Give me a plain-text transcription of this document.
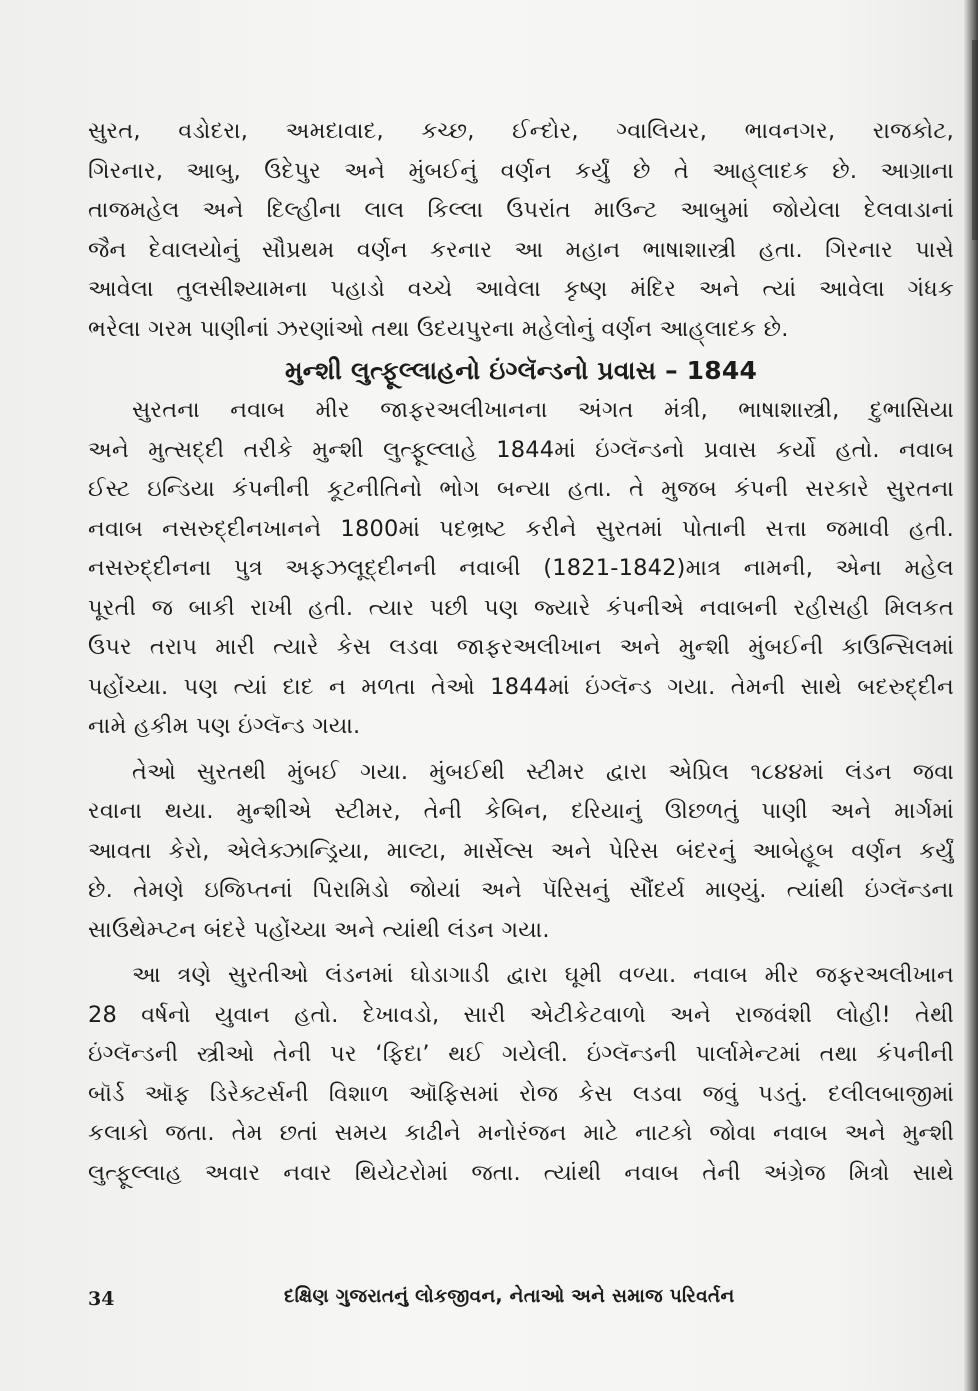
સુરત, વડોદરા, અમદાવાદ, કચ્છ, ઈન્દોર, ગ્વાલિયર, ભાવનગર, રાજકોટ,
ગિરનાર, આબુ, ઉદેપુર અને મુંબઈનું વર્ણન કર્યું છે તે આહ્‌લાદક છે. આગ્રાના
તાજમહેલ અને દિલ્હીના લાલ કિલ્લા ઉપરાંત માઉન્ટ આબુમાં જોયેલા દેલવાડાનાં
જૈન દેવાલયોનું સૌપ્રથમ વર્ણન કરનાર આ મહાન ભાષાશાસ્ત્રી હતા. ગિરનાર પાસે
આવેલા તુલસીશ્યામના પહાડો વચ્ચે આવેલા કૃષ્ણ મંદિર અને ત્યાં આવેલા ગંધક
ભરેલા ગરમ પાણીનાં ઝરણાંઓ તથા ઉદયપુરના મહેલોનું વર્ણન આહ્‌લાદક છે.
મુન્શી લુત્ફૂલ્લાહનો ઇંગ્લૅન્ડનો પ્રવાસ – 1844
સુરતના નવાબ મીર જાફરઅલીખાનના અંગત મંત્રી, ભાષાશાસ્ત્રી, દુભાસિયા
અને મુત્સદ્દી તરીકે મુન્શી લુત્ફૂલ્લાહે 1844માં ઇંગ્લૅન્ડનો પ્રવાસ કર્યો હતો. નવાબ
ઈસ્ટ ઇન્ડિયા કંપનીની કૂટનીતિનો ભોગ બન્યા હતા. તે મુજબ કંપની સરકારે સુરતના
નવાબ નસરુદ્દીનખાનને 1800માં પદભ્રષ્ટ કરીને સુરતમાં પોતાની સત્તા જમાવી હતી.
નસરુદ્દીનના પુત્ર અફઝલૂદ્દીનની નવાબી (1821-1842)માત્ર નામની, એના મહેલ
પૂરતી જ બાકી રાખી હતી. ત્યાર પછી પણ જ્યારે કંપનીએ નવાબની રહીસહી મિલકત
ઉપર તરાપ મારી ત્યારે કેસ લડવા જાફરઅલીખાન અને મુન્શી મુંબઈની કાઉન્સિલમાં
પહોંચ્યા. પણ ત્યાં દાદ ન મળતા તેઓ 1844માં ઇંગ્લૅન્ડ ગયા. તેમની સાથે બદરુદ્દીન
નામે હકીમ પણ ઇંગ્લૅન્ડ ગયા.
તેઓ સુરતથી મુંબઈ ગયા. મુંબઈથી સ્ટીમર દ્વારા એપ્રિલ ૧૮૪૪માં લંડન જવા
રવાના થયા. મુન્શીએ સ્ટીમર, તેની કેબિન, દરિયાનું ઊછળતું પાણી અને માર્ગમાં
આવતા કેરો, એલેક્ઝાન્ડ્રિયા, માલ્ટા, માર્સેલ્સ અને પેરિસ બંદરનું આબેહૂબ વર્ણન કર્યું
છે. તેમણે ઇજિપ્તનાં પિરામિડો જોયાં અને પૅરિસનું સૌંદર્ય માણ્યું. ત્યાંથી ઇંગ્લૅન્ડના
સાઉથેમ્પ્ટન બંદરે પહોંચ્યા અને ત્યાંથી લંડન ગયા.
આ ત્રણે સુરતીઓ લંડનમાં ઘોડાગાડી દ્વારા ઘૂમી વળ્યા. નવાબ મીર જફરઅલીખાન
28 વર્ષનો યુવાન હતો. દેખાવડો, સારી એટીકેટવાળો અને રાજવંશી લોહી! તેથી
ઇંગ્લૅન્ડની સ્ત્રીઓ તેની પર ‘ફિદા’ થઈ ગયેલી. ઇંગ્લૅન્ડની પાર્લામેન્ટમાં તથા કંપનીની
બૉર્ડ ઑફ ડિરેક્ટર્સની વિશાળ ઑફિસમાં રોજ કેસ લડવા જવું પડતું. દલીલબાજીમાં
કલાકો જતા. તેમ છતાં સમય કાઢીને મનોરંજન માટે નાટકો જોવા નવાબ અને મુન્શી
લુત્ફૂલ્લાહ અવાર નવાર થિયેટરોમાં જતા. ત્યાંથી નવાબ તેની અંગ્રેજ મિત્રો સાથે
34	દક્ષિણ ગુજરાતનું લોકજીવન, નેતાઓ અને સમાજ પરિવર્તન
